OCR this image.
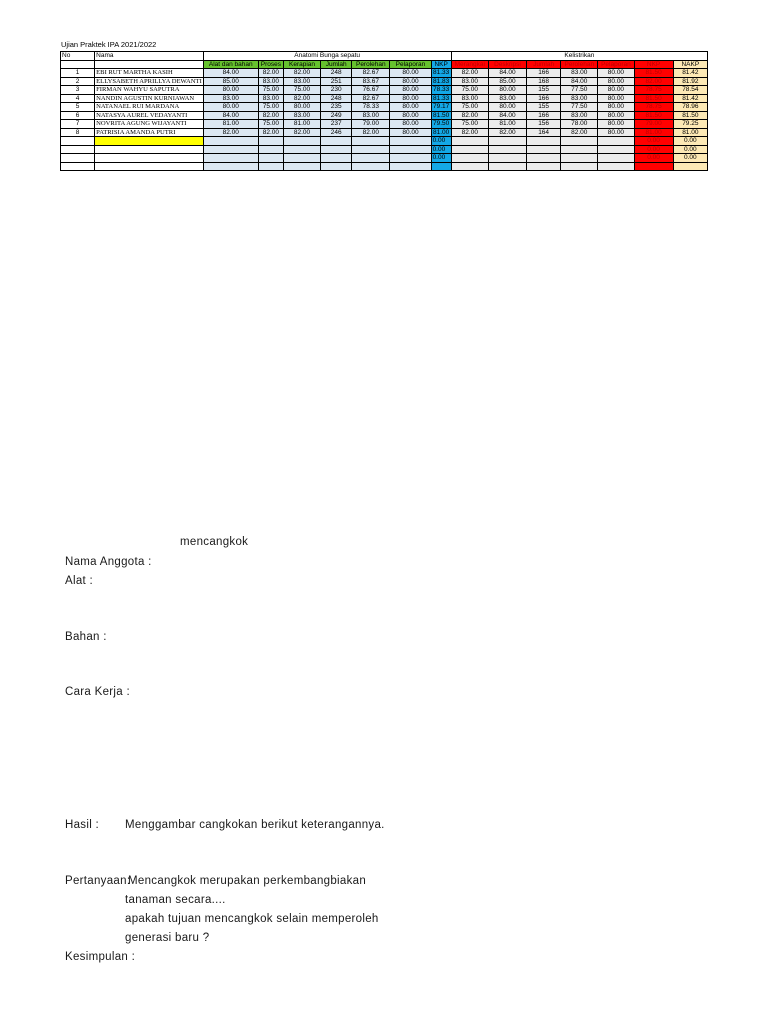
Ujian Praktek IPA 2021/2022
No	Nama	Anatomi Bunga sepatu							Kelistrikan						
		Alat dan bahan	Proses	Kerapian	Jumlah	Perolehan	Pelaporan	NKP	Merangkai	Deskripsi	Jumlah	Perolehan	Pelaporan	NKP	NAKP
1	EBI RUT MARTHA KASIH	84.00	82.00	82.00	248	82.67	80.00	81.33	82.00	84.00	166	83.00	80.00	81.50	81.42
2	ELLYSABETH APRILLYA DEWANTI	85.00	83.00	83.00	251	83.67	80.00	81.83	83.00	85.00	168	84.00	80.00	82.00	81.92
3	FIRMAN WAHYU SAPUTRA	80.00	75.00	75.00	230	76.67	80.00	78.33	75.00	80.00	155	77.50	80.00	78.75	78.54
4	NANDIN AGUSTIN KURNIAWAN	83.00	83.00	82.00	248	82.67	80.00	81.33	83.00	83.00	166	83.00	80.00	81.50	81.42
5	NATANAEL RUI MARDANA	80.00	75.00	80.00	235	78.33	80.00	79.17	75.00	80.00	155	77.50	80.00	78.75	78.96
6	NATASYA AUREL VEDAYANTI	84.00	82.00	83.00	249	83.00	80.00	81.50	82.00	84.00	166	83.00	80.00	81.50	81.50
7	NOVRITA AGUNG WIJAYANTI	81.00	75.00	81.00	237	79.00	80.00	79.50	75.00	81.00	156	78.00	80.00	79.00	79.25
8	PATRISIA AMANDA PUTRI	82.00	82.00	82.00	246	82.00	80.00	81.00	82.00	82.00	164	82.00	80.00	81.00	81.00
								0.00						0.00	0.00
								0.00						0.00	0.00
								0.00						0.00	0.00

mencangkok
Nama Anggota :
Alat :
Bahan :
Cara Kerja :
Hasil : Menggambar cangkokan berikut keterangannya.
Pertanyaan:
Mencangkok merupakan perkembangbiakan
tanaman secara....
apakah tujuan mencangkok selain memperoleh
generasi baru ?
Kesimpulan :
